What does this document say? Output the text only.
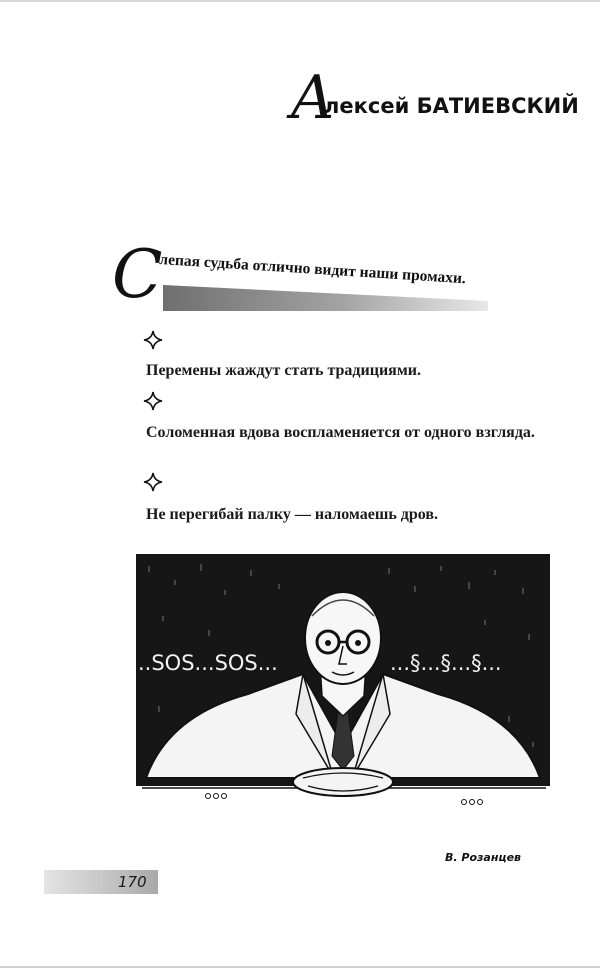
А
лексей БАТИЕВСКИЙ
С
лепая судьба отлично видит наши промахи.
Перемены жаждут стать традициями.
Соломенная вдова воспламеняется от одного взгляда.
Не перегибай палку — наломаешь дров.
..SOS...SOS...	...§...§...§...
В. Розанцев
170
